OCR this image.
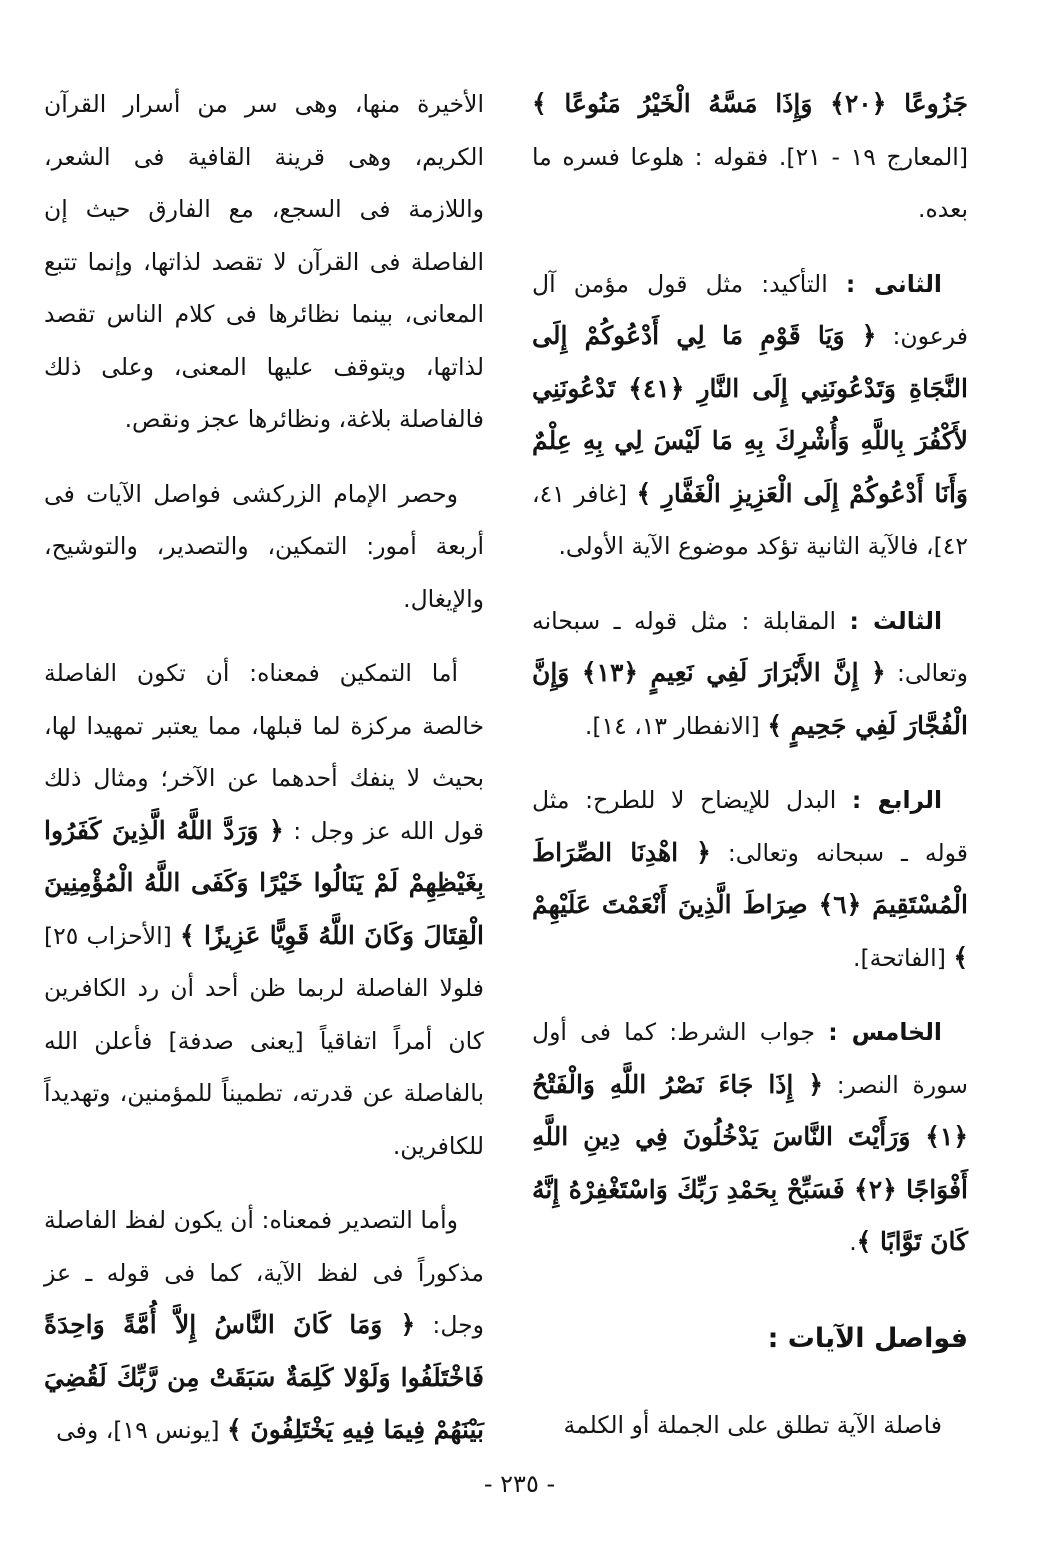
جَزُوعًا ﴿٢٠﴾ وَإِذَا مَسَّهُ الْخَيْرُ مَنُوعًا ﴾ [المعارج ١٩ - ٢١]. فقوله : هلوعا فسره ما بعده.

الثانى : التأكيد: مثل قول مؤمن آل فرعون: ﴿ وَيَا قَوْمِ مَا لِي أَدْعُوكُمْ إِلَى النَّجَاةِ وَتَدْعُونَنِي إِلَى النَّارِ ﴿٤١﴾ تَدْعُونَنِي لأَكْفُرَ بِاللَّهِ وَأُشْرِكَ بِهِ مَا لَيْسَ لِي بِهِ عِلْمٌ وَأَنَا أَدْعُوكُمْ إِلَى الْعَزِيزِ الْغَفَّارِ ﴾ [غافر ٤١، ٤٢]، فالآية الثانية تؤكد موضوع الآية الأولى.

الثالث : المقابلة : مثل قوله ـ سبحانه وتعالى: ﴿ إِنَّ الأَبْرَارَ لَفِي نَعِيمٍ ﴿١٣﴾ وَإِنَّ الْفُجَّارَ لَفِي جَحِيمٍ ﴾ [الانفطار ١٣، ١٤].

الرابع : البدل للإيضاح لا للطرح: مثل قوله ـ سبحانه وتعالى: ﴿ اهْدِنَا الصِّرَاطَ الْمُسْتَقِيمَ ﴿٦﴾ صِرَاطَ الَّذِينَ أَنْعَمْتَ عَلَيْهِمْ ﴾ [الفاتحة].

الخامس : جواب الشرط: كما فى أول سورة النصر: ﴿ إِذَا جَاءَ نَصْرُ اللَّهِ وَالْفَتْحُ ﴿١﴾ وَرَأَيْتَ النَّاسَ يَدْخُلُونَ فِي دِينِ اللَّهِ أَفْوَاجًا ﴿٢﴾ فَسَبِّحْ بِحَمْدِ رَبِّكَ وَاسْتَغْفِرْهُ إِنَّهُ كَانَ تَوَّابًا ﴾.

فواصل الآيات :

فاصلة الآية تطلق على الجملة أو الكلمة

الأخيرة منها، وهى سر من أسرار القرآن الكريم، وهى قرينة القافية فى الشعر، واللازمة فى السجع، مع الفارق حيث إن الفاصلة فى القرآن لا تقصد لذاتها، وإنما تتبع المعانى، بينما نظائرها فى كلام الناس تقصد لذاتها، ويتوقف عليها المعنى، وعلى ذلك فالفاصلة بلاغة، ونظائرها عجز ونقص.

وحصر الإمام الزركشى فواصل الآيات فى أربعة أمور: التمكين، والتصدير، والتوشيح، والإيغال.

أما التمكين فمعناه: أن تكون الفاصلة خالصة مركزة لما قبلها، مما يعتبر تمهيدا لها، بحيث لا ينفك أحدهما عن الآخر؛ ومثال ذلك قول الله عز وجل : ﴿ وَرَدَّ اللَّهُ الَّذِينَ كَفَرُوا بِغَيْظِهِمْ لَمْ يَنَالُوا خَيْرًا وَكَفَى اللَّهُ الْمُؤْمِنِينَ الْقِتَالَ وَكَانَ اللَّهُ قَوِيًّا عَزِيزًا ﴾ [الأحزاب ٢٥] فلولا الفاصلة لربما ظن أحد أن رد الكافرين كان أمراً اتفاقياً [يعنى صدفة] فأعلن الله بالفاصلة عن قدرته، تطميناً للمؤمنين، وتهديداً للكافرين.

وأما التصدير فمعناه: أن يكون لفظ الفاصلة مذكوراً فى لفظ الآية، كما فى قوله ـ عز وجل: ﴿ وَمَا كَانَ النَّاسُ إِلاَّ أُمَّةً وَاحِدَةً فَاخْتَلَفُوا وَلَوْلا كَلِمَةٌ سَبَقَتْ مِن رَّبِّكَ لَقُضِيَ بَيْنَهُمْ فِيمَا فِيهِ يَخْتَلِفُونَ ﴾ [يونس ١٩]، وفى

- ٢٣٥ -
